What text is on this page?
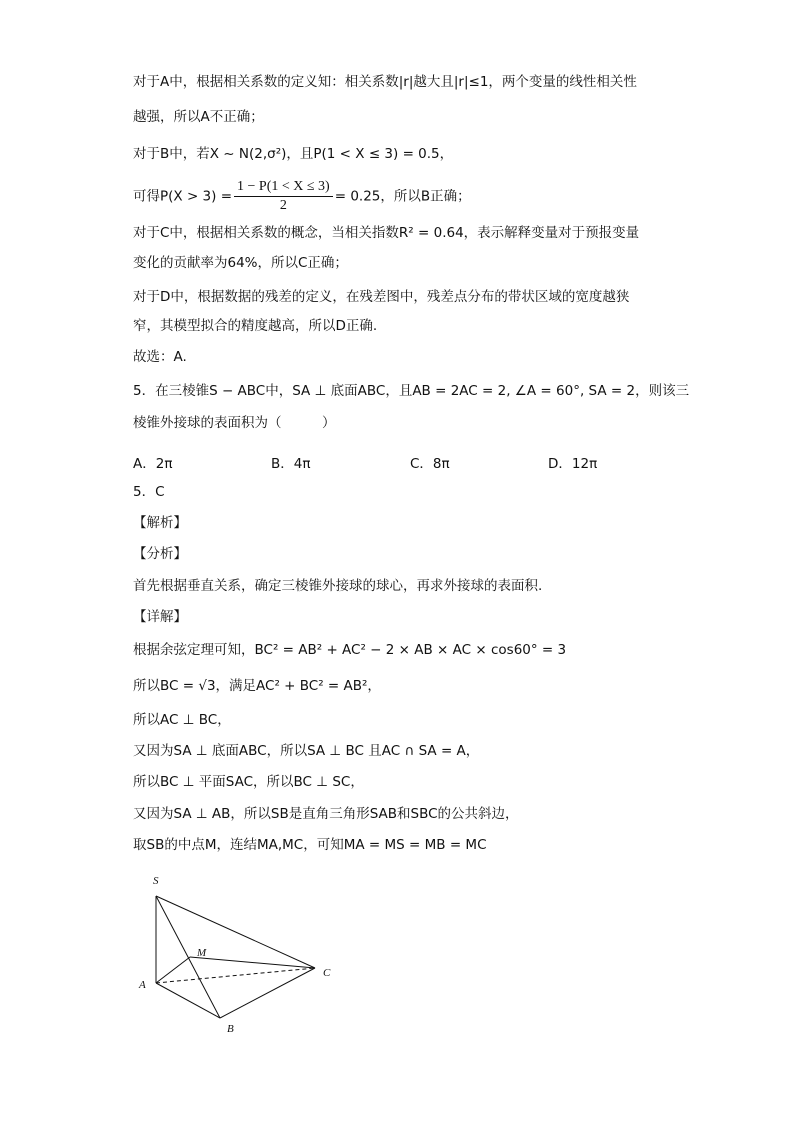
对于A中，根据相关系数的定义知：相关系数|r|越大且|r|≤1，两个变量的线性相关性
越强，所以A不正确；
对于B中，若X ~ N(2,σ²)，且P(1 < X ≤ 3) = 0.5，
可得$P(X > 3) = \frac{1 - P(1 < X \le 3)}{2} = 0.25$，所以B正确；
对于C中，根据相关系数的概念，当相关指数R² = 0.64，表示解释变量对于预报变量
变化的贡献率为64%，所以C正确；
对于D中，根据数据的残差的定义，在残差图中，残差点分布的带状区域的宽度越狭
窄，其模型拟合的精度越高，所以D正确.
故选：A.
5．在三棱锥S − ABC中，SA ⊥ 底面ABC，且AB = 2AC = 2, ∠A = 60°, SA = 2，则该三
棱锥外接球的表面积为（　　　）
A．2π	B．4π	C．8π	D．12π
5．C
【解析】
【分析】
首先根据垂直关系，确定三棱锥外接球的球心，再求外接球的表面积.
【详解】
根据余弦定理可知，BC² = AB² + AC² − 2 × AB × AC × cos60° = 3
所以BC = √3，满足AC² + BC² = AB²，
所以AC ⊥ BC，
又因为SA ⊥ 底面ABC，所以SA ⊥ BC 且AC ∩ SA = A，
所以BC ⊥ 平面SAC，所以BC ⊥ SC，
又因为SA ⊥ AB，所以SB是直角三角形SAB和SBC的公共斜边，
取SB的中点M，连结MA,MC，可知MA = MS = MB = MC
S
M
A
C
B
